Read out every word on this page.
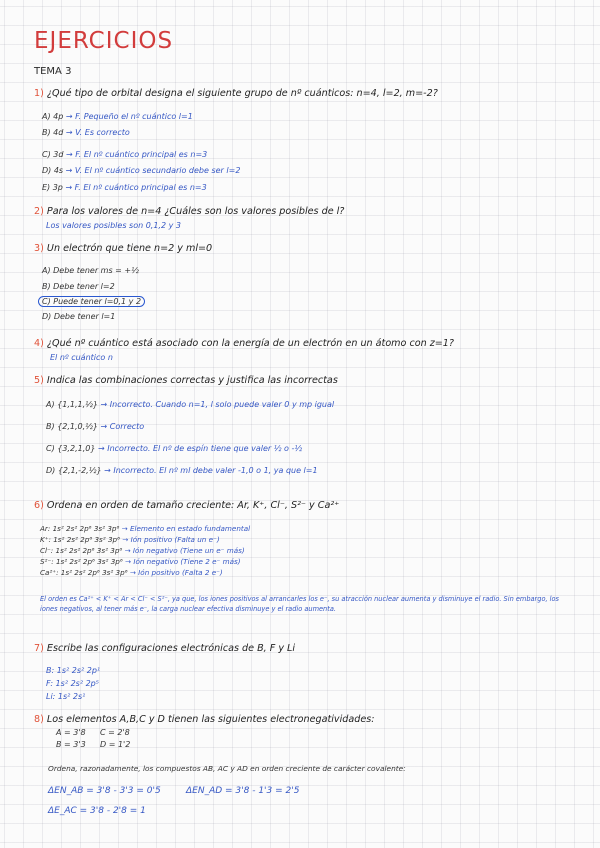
EJERCICIOS
TEMA 3
1) ¿Qué tipo de orbital designa el siguiente grupo de nº cuánticos: n=4, l=2, m=-2?
A) 4p → F. Pequeño el nº cuántico l=1
B) 4d → V. Es correcto
C) 3d → F. El nº cuántico principal es n=3
D) 4s → V. El nº cuántico secundario debe ser l=2
E) 3p → F. El nº cuántico principal es n=3
2) Para los valores de n=4 ¿Cuáles son los valores posibles de l?
Los valores posibles son 0,1,2 y 3
3) Un electrón que tiene n=2 y ml=0
A) Debe tener ms = +½
B) Debe tener l=2
C) Puede tener l=0,1 y 2
D) Debe tener l=1
4) ¿Qué nº cuántico está asociado con la energía de un electrón en un átomo con z=1?
El nº cuántico n
5) Indica las combinaciones correctas y justifica las incorrectas
A) {1,1,1,½} → Incorrecto. Cuando n=1, l solo puede valer 0 y mp igual
B) {2,1,0,½} → Correcto
C) {3,2,1,0} → Incorrecto. El nº de espín tiene que valer ½ o -½
D) {2,1,-2,½} → Incorrecto. El nº ml debe valer -1,0 o 1, ya que l=1
6) Ordena en orden de tamaño creciente: Ar, K⁺, Cl⁻, S²⁻ y Ca²⁺
Ar: 1s² 2s² 2p⁶ 3s² 3p⁶ → Elemento en estado fundamental
K⁺: 1s² 2s² 2p⁶ 3s² 3p⁶ → Ión positivo (Falta un e⁻)
Cl⁻: 1s² 2s² 2p⁶ 3s² 3p⁶ → Ión negativo (Tiene un e⁻ más)
S²⁻: 1s² 2s² 2p⁶ 3s² 3p⁶ → Ión negativo (Tiene 2 e⁻ más)
Ca²⁺: 1s² 2s² 2p⁶ 3s² 3p⁶ → Ión positivo (Falta 2 e⁻)
El orden es Ca²⁺ < K⁺ < Ar < Cl⁻ < S²⁻, ya que, los iones positivos al arrancarles los e⁻, su atracción nuclear aumenta y disminuye el radio. Sin embargo, los iones negativos, al tener más e⁻, la carga nuclear efectiva disminuye y el radio aumenta.
7) Escribe las configuraciones electrónicas de B, F y Li
B: 1s² 2s² 2p¹
F: 1s² 2s² 2p⁵
Li: 1s² 2s¹
8) Los elementos A,B,C y D tienen las siguientes electronegatividades:
A = 3'8 C = 2'8
B = 3'3 D = 1'2
Ordena, razonadamente, los compuestos AB, AC y AD en orden creciente de carácter covalente:
ΔEN_AB = 3'8 - 3'3 = 0'5	ΔEN_AD = 3'8 - 1'3 = 2'5
ΔE_AC = 3'8 - 2'8 = 1
